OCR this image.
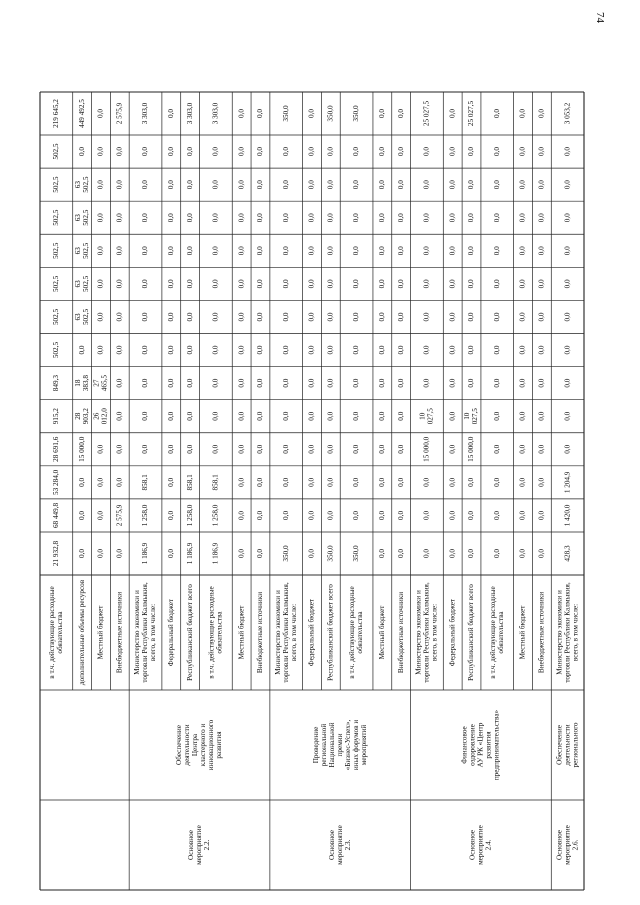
74
в т.ч. действующие расходные обязательства
21 932,8
68 449,8
53 284,0
28 691,6
915,2
849,3
502,5
502,5
502,5
502,5
502,5
502,5
502,5
219 645,2
дополнительные объемы ресурсов
0,0
0,0
0,0
15 000,0
28 903,2
18 383,8
0,0
63 502,5
63 502,5
63 502,5
63 502,5
63 502,5
0,0
449 492,5
Местный бюджет
0,0
0,0
0,0
0,0
26 012,0
27 465,5
0,0
0,0
0,0
0,0
0,0
0,0
0,0
0,0
Внебюджетные источники
0,0
2 575,9
0,0
0,0
0,0
0,0
0,0
0,0
0,0
0,0
0,0
0,0
0,0
2 575,9
Министерство экономики и торговли Республики Калмыкия, всего, в том числе:
1 186,9
1 258,0
858,1
0,0
0,0
0,0
0,0
0,0
0,0
0,0
0,0
0,0
0,0
3 303,0
Федеральный бюджет
0,0
0,0
0,0
0,0
0,0
0,0
0,0
0,0
0,0
0,0
0,0
0,0
0,0
0,0
Республиканский бюджет всего
1 186,9
1 258,0
858,1
0,0
0,0
0,0
0,0
0,0
0,0
0,0
0,0
0,0
0,0
3 303,0
в т.ч. действующие расходные обязательства
1 186,9
1 258,0
858,1
0,0
0,0
0,0
0,0
0,0
0,0
0,0
0,0
0,0
0,0
3 303,0
Местный бюджет
0,0
0,0
0,0
0,0
0,0
0,0
0,0
0,0
0,0
0,0
0,0
0,0
0,0
0,0
Внебюджетные источники
0,0
0,0
0,0
0,0
0,0
0,0
0,0
0,0
0,0
0,0
0,0
0,0
0,0
0,0
Министерство экономики и торговли Республики Калмыкия, всего, в том числе:
350,0
0,0
0,0
0,0
0,0
0,0
0,0
0,0
0,0
0,0
0,0
0,0
0,0
350,0
Федеральный бюджет
0,0
0,0
0,0
0,0
0,0
0,0
0,0
0,0
0,0
0,0
0,0
0,0
0,0
0,0
Республиканский бюджет всего
350,0
0,0
0,0
0,0
0,0
0,0
0,0
0,0
0,0
0,0
0,0
0,0
0,0
350,0
в т.ч. действующие расходные обязательства
350,0
0,0
0,0
0,0
0,0
0,0
0,0
0,0
0,0
0,0
0,0
0,0
0,0
350,0
Местный бюджет
0,0
0,0
0,0
0,0
0,0
0,0
0,0
0,0
0,0
0,0
0,0
0,0
0,0
0,0
Внебюджетные источники
0,0
0,0
0,0
0,0
0,0
0,0
0,0
0,0
0,0
0,0
0,0
0,0
0,0
0,0
Министерство экономики и торговли Республики Калмыкия, всего, в том числе:
0,0
0,0
0,0
15 000,0
10 027,5
0,0
0,0
0,0
0,0
0,0
0,0
0,0
0,0
25 027,5
Федеральный бюджет
0,0
0,0
0,0
0,0
0,0
0,0
0,0
0,0
0,0
0,0
0,0
0,0
0,0
0,0
Республиканский бюджет всего
0,0
0,0
0,0
15 000,0
10 027,5
0,0
0,0
0,0
0,0
0,0
0,0
0,0
0,0
25 027,5
в т.ч. действующие расходные обязательства
0,0
0,0
0,0
0,0
0,0
0,0
0,0
0,0
0,0
0,0
0,0
0,0
0,0
0,0
Местный бюджет
0,0
0,0
0,0
0,0
0,0
0,0
0,0
0,0
0,0
0,0
0,0
0,0
0,0
0,0
Внебюджетные источники
0,0
0,0
0,0
0,0
0,0
0,0
0,0
0,0
0,0
0,0
0,0
0,0
0,0
0,0
Министерство экономики и торговли Республики Калмыкия, всего, в том числе:
428,3
1 420,0
1 204,9
0,0
0,0
0,0
0,0
0,0
0,0
0,0
0,0
0,0
0,0
3 053,2
Обеспечение деятельности Центра кластерного и инновационного развития
Основное мероприятие 2.2.
Проведение региональной Национальной премии «Бизнес-Успех», иных форумов и мероприятий
Основное мероприятие 2.3.
Финансовое оздоровление АУ РК «Центр развития предпринимательства»
Основное мероприятие 2.4.
Обеспечение деятельности регионального
Основное мероприятие 2.6.
